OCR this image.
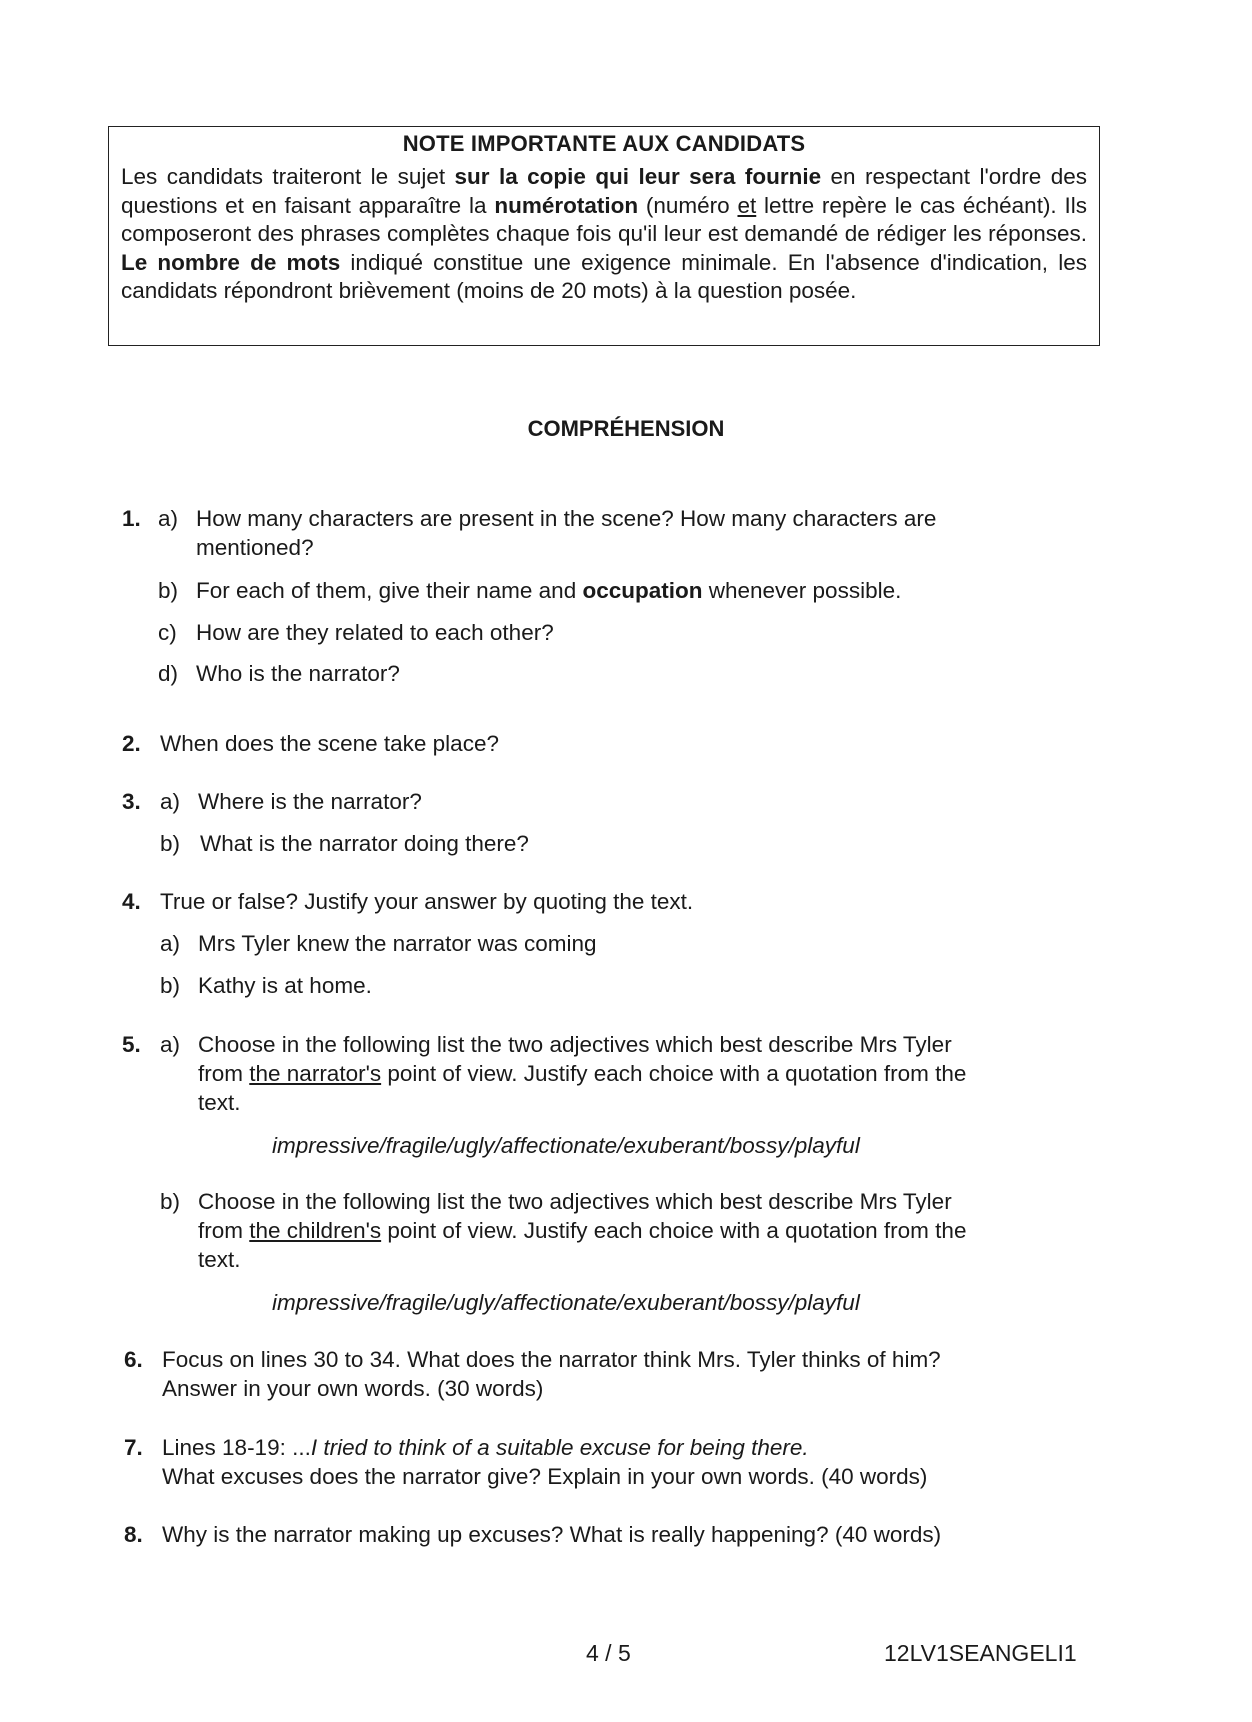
NOTE IMPORTANTE AUX CANDIDATS

Les candidats traiteront le sujet sur la copie qui leur sera fournie en respectant l'ordre des questions et en faisant apparaître la numérotation (numéro et lettre repère le cas échéant). Ils composeront des phrases complètes chaque fois qu'il leur est demandé de rédiger les réponses. Le nombre de mots indiqué constitue une exigence minimale. En l'absence d'indication, les candidats répondront brièvement (moins de 20 mots) à la question posée.

COMPRÉHENSION
1. a) How many characters are present in the scene? How many characters are
mentioned?
b) For each of them, give their name and occupation whenever possible.
c) How are they related to each other?
d) Who is the narrator?
2. When does the scene take place?
3. a) Where is the narrator?
b) What is the narrator doing there?
4. True or false? Justify your answer by quoting the text.
a) Mrs Tyler knew the narrator was coming
b) Kathy is at home.
5. a) Choose in the following list the two adjectives which best describe Mrs Tyler
from the narrator's point of view. Justify each choice with a quotation from the
text.
impressive/fragile/ugly/affectionate/exuberant/bossy/playful
b) Choose in the following list the two adjectives which best describe Mrs Tyler
from the children's point of view. Justify each choice with a quotation from the
text.
impressive/fragile/ugly/affectionate/exuberant/bossy/playful
6. Focus on lines 30 to 34. What does the narrator think Mrs. Tyler thinks of him?
Answer in your own words. (30 words)
7. Lines 18-19: ...I tried to think of a suitable excuse for being there.
What excuses does the narrator give? Explain in your own words. (40 words)
8. Why is the narrator making up excuses? What is really happening? (40 words)
4 / 5	12LV1SEANGELI1
